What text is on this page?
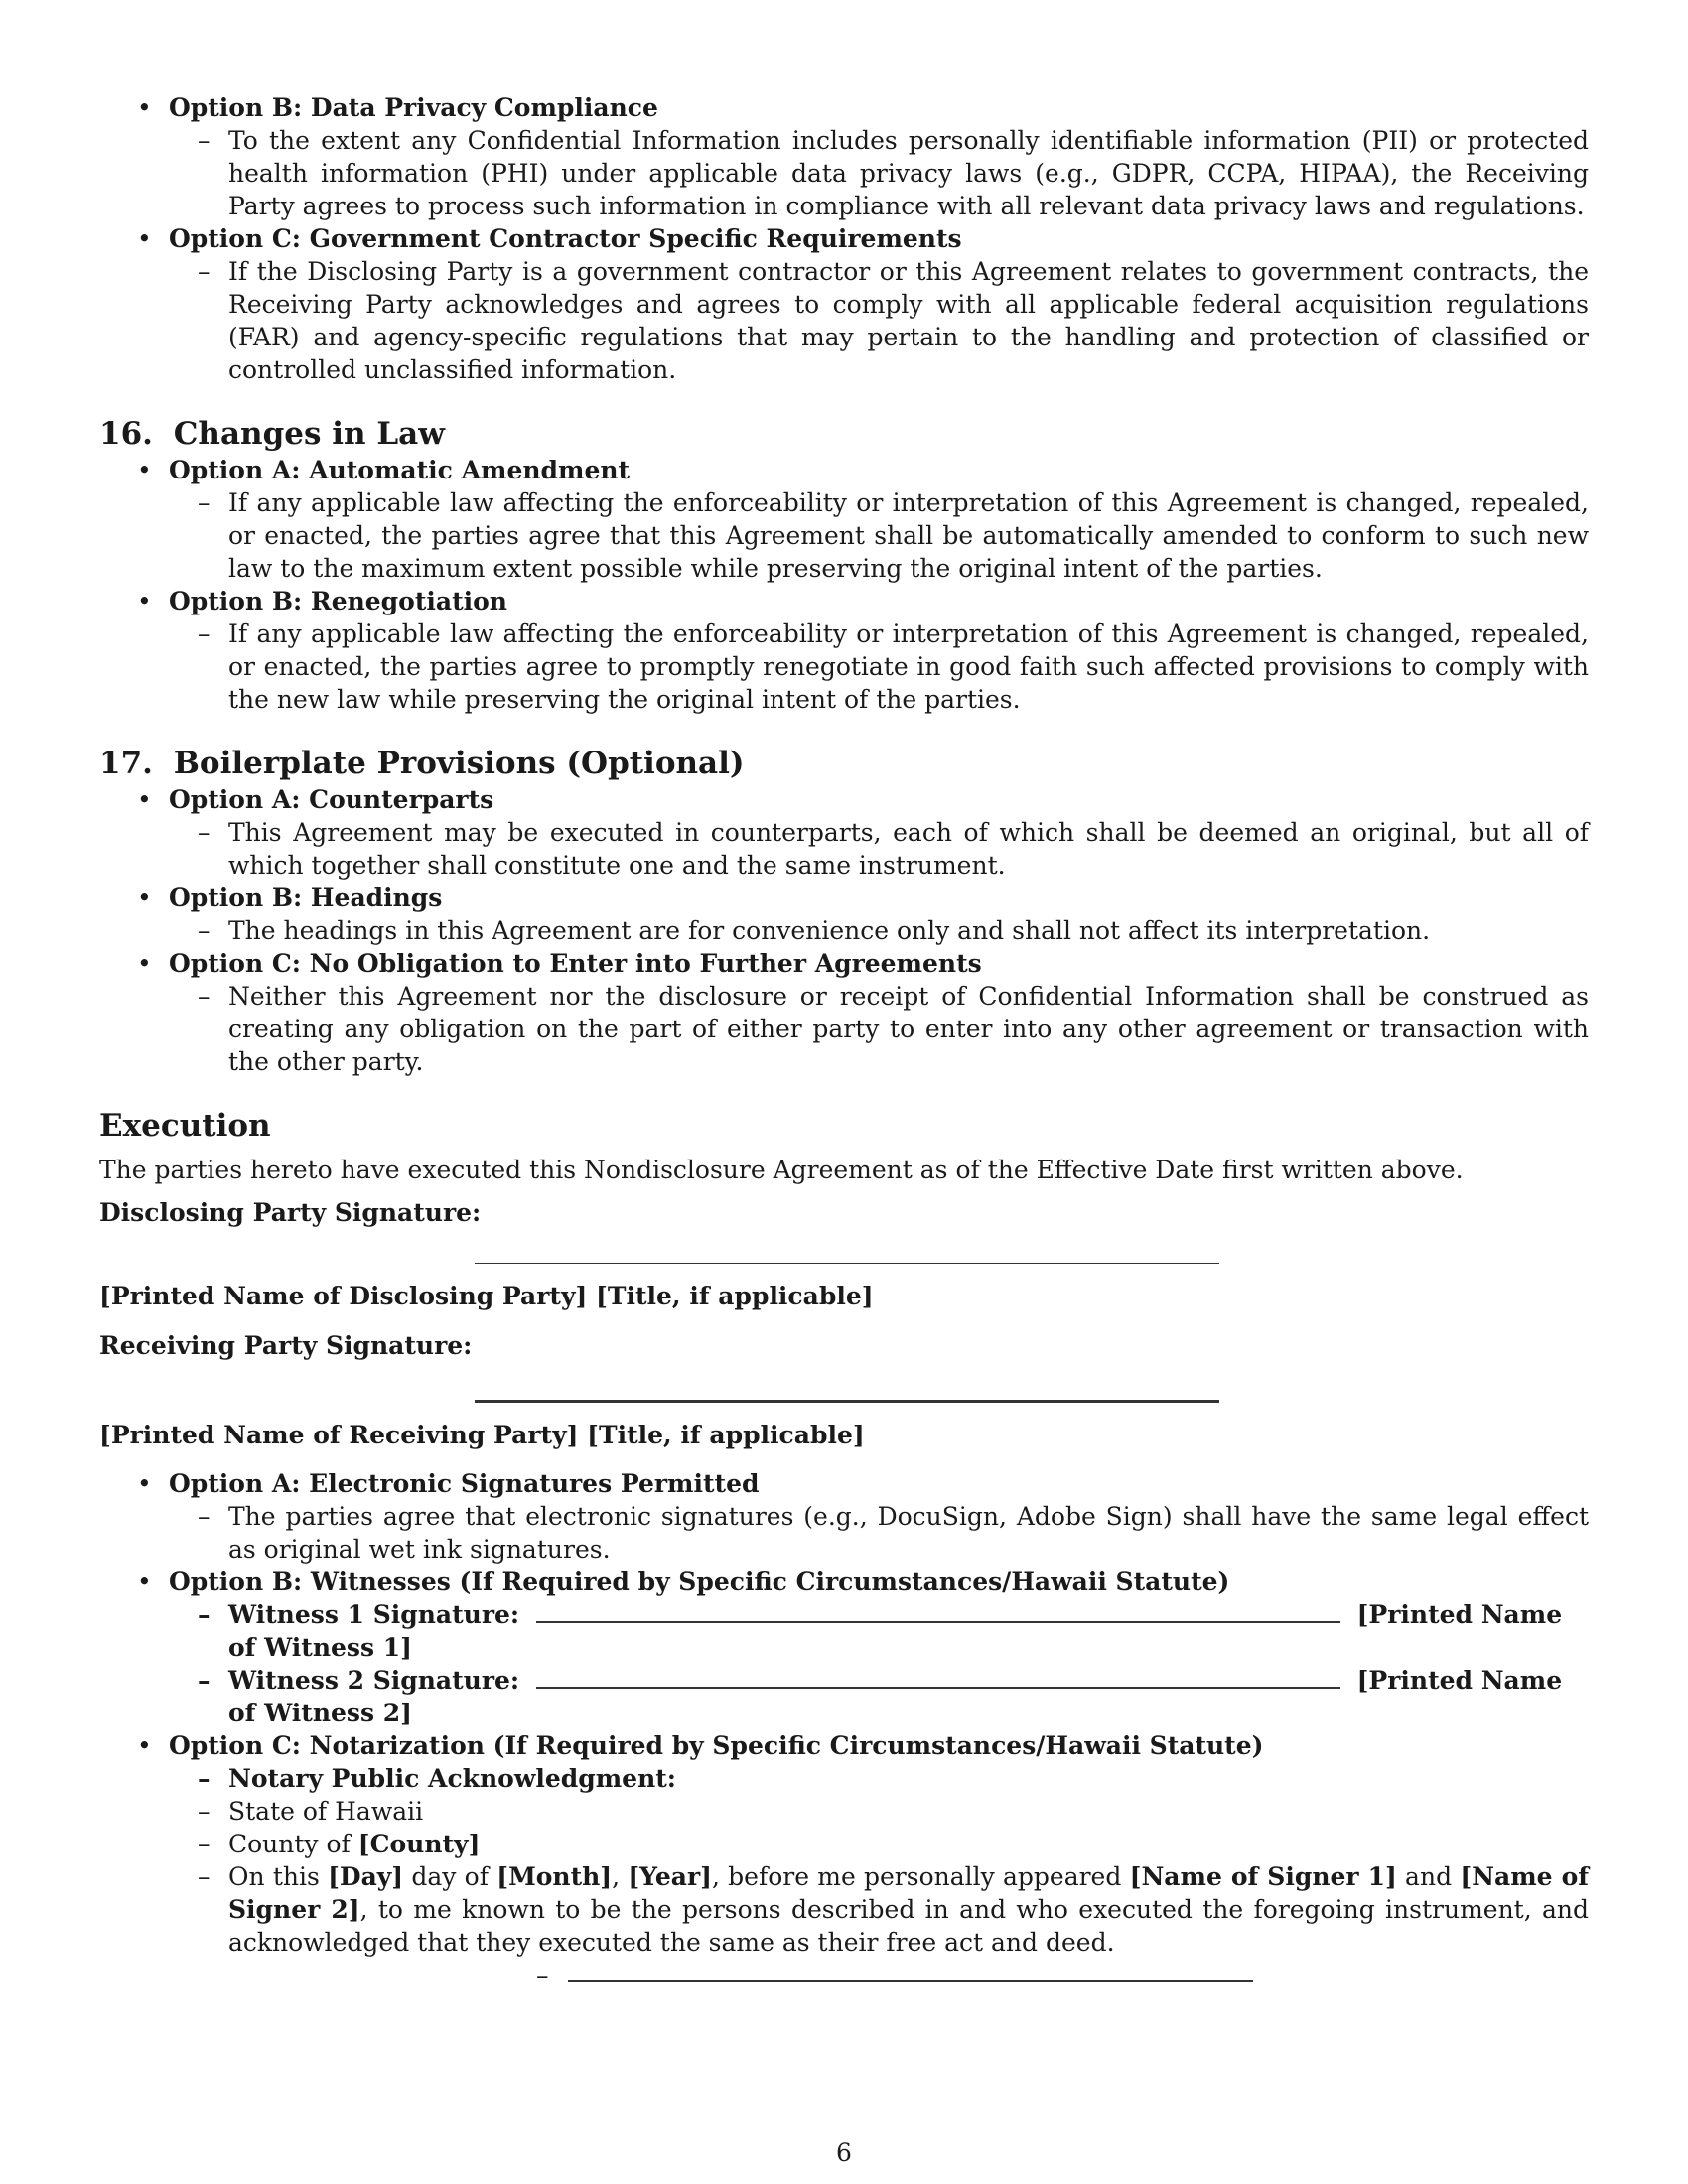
• Option B: Data Privacy Compliance
– To the extent any Confidential Information includes personally identifiable information (PII) or protected health information (PHI) under applicable data privacy laws (e.g., GDPR, CCPA, HIPAA), the Receiving Party agrees to process such information in compliance with all relevant data privacy laws and regulations.
• Option C: Government Contractor Specific Requirements
– If the Disclosing Party is a government contractor or this Agreement relates to government contracts, the Receiving Party acknowledges and agrees to comply with all applicable federal acquisition regulations (FAR) and agency-specific regulations that may pertain to the handling and protection of classified or controlled unclassified information.
16. Changes in Law
• Option A: Automatic Amendment
– If any applicable law affecting the enforceability or interpretation of this Agreement is changed, repealed, or enacted, the parties agree that this Agreement shall be automatically amended to conform to such new law to the maximum extent possible while preserving the original intent of the parties.
• Option B: Renegotiation
– If any applicable law affecting the enforceability or interpretation of this Agreement is changed, repealed, or enacted, the parties agree to promptly renegotiate in good faith such affected provisions to comply with the new law while preserving the original intent of the parties.
17. Boilerplate Provisions (Optional)
• Option A: Counterparts
– This Agreement may be executed in counterparts, each of which shall be deemed an original, but all of which together shall constitute one and the same instrument.
• Option B: Headings
– The headings in this Agreement are for convenience only and shall not affect its interpretation.
• Option C: No Obligation to Enter into Further Agreements
– Neither this Agreement nor the disclosure or receipt of Confidential Information shall be construed as creating any obligation on the part of either party to enter into any other agreement or transaction with the other party.
Execution

The parties hereto have executed this Nondisclosure Agreement as of the Effective Date first written above.

Disclosing Party Signature:

[Printed Name of Disclosing Party] [Title, if applicable]

Receiving Party Signature:

[Printed Name of Receiving Party] [Title, if applicable]

• Option A: Electronic Signatures Permitted
– The parties agree that electronic signatures (e.g., DocuSign, Adobe Sign) shall have the same legal effect as original wet ink signatures.
• Option B: Witnesses (If Required by Specific Circumstances/Hawaii Statute)
– Witness 1 Signature:	[Printed Name of Witness 1]
– Witness 2 Signature:	[Printed Name of Witness 2]
• Option C: Notarization (If Required by Specific Circumstances/Hawaii Statute)
– Notary Public Acknowledgment:
– State of Hawaii
– County of [County]
– On this [Day] day of [Month], [Year], before me personally appeared [Name of Signer 1] and [Name of Signer 2], to me known to be the persons described in and who executed the foregoing instrument, and acknowledged that they executed the same as their free act and deed.
–
6
